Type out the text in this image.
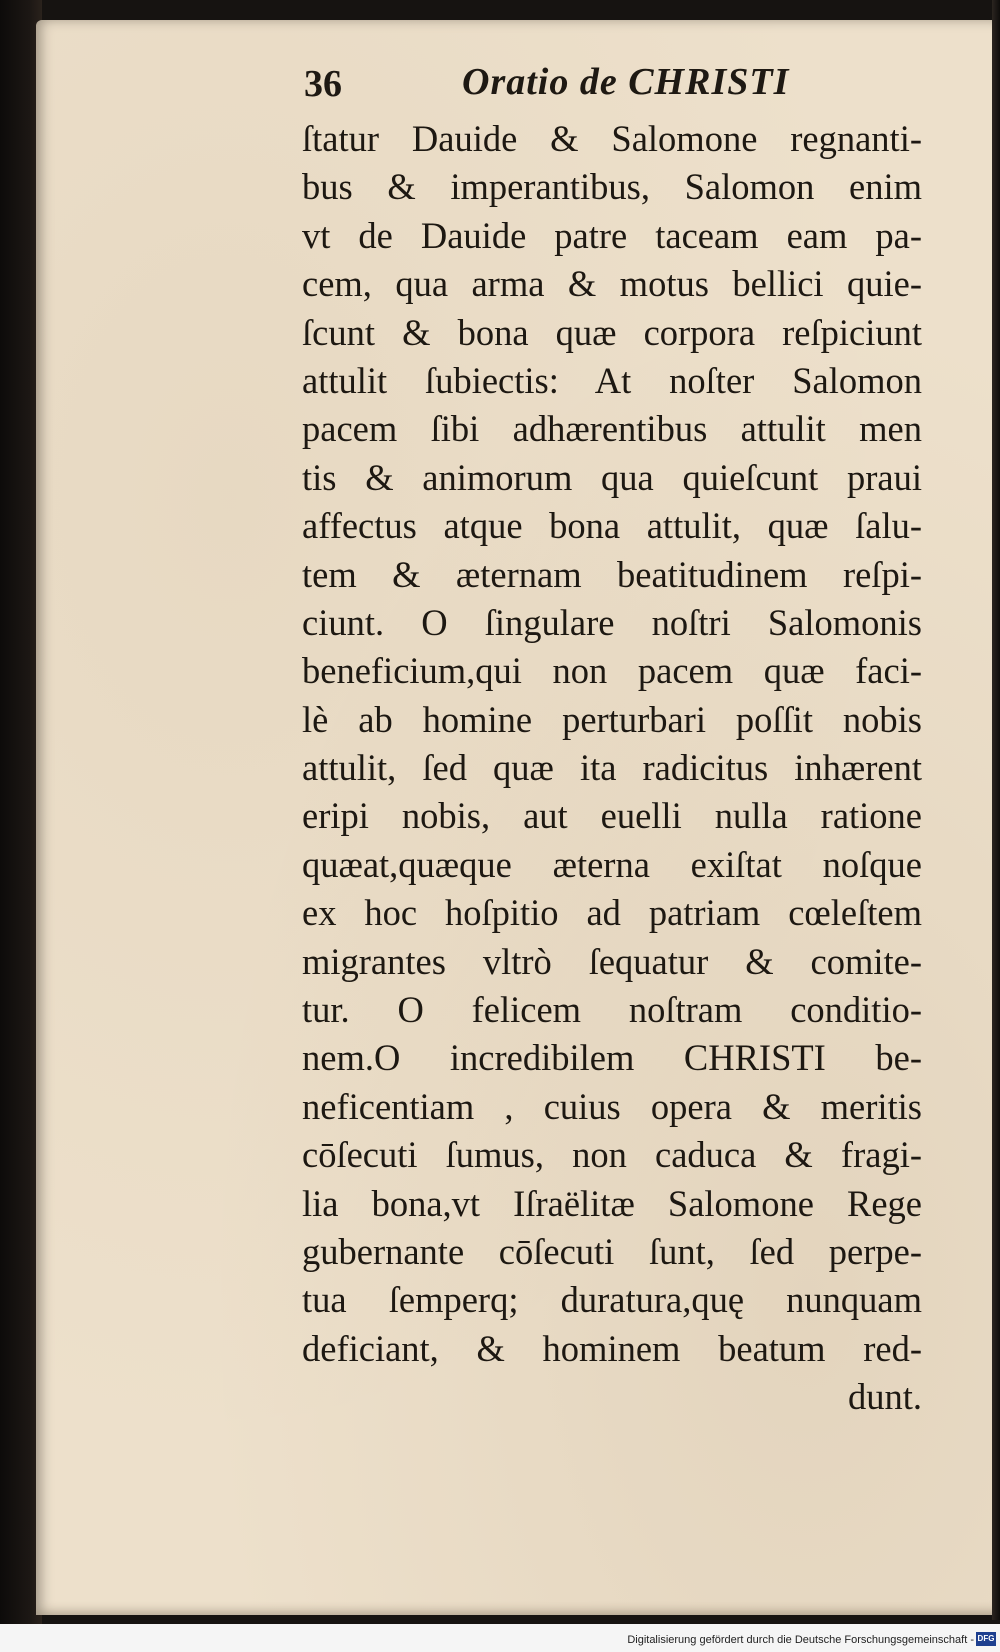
36	Oratio de CHRISTI
ſtatur Dauide & Salomone regnanti-
bus & imperantibus, Salomon enim
vt de Dauide patre taceam eam pa-
cem, qua arma & motus bellici quie-
ſcunt & bona quæ corpora reſpiciunt
attulit ſubiectis: At noſter Salomon
pacem ſibi adhærentibus attulit men
tis & animorum qua quieſcunt praui
affectus atque bona attulit, quæ ſalu-
tem & æternam beatitudinem reſpi-
ciunt. O ſingulare noſtri Salomonis
beneficium,qui non pacem quæ faci-
lè ab homine perturbari poſſit nobis
attulit, ſed quæ ita radicitus inhærent
eripi nobis, aut euelli nulla ratione
quæat,quæque æterna exiſtat noſque
ex hoc hoſpitio ad patriam cœleſtem
migrantes vltrò ſequatur & comite-
tur. O felicem noſtram conditio-
nem.O incredibilem CHRISTI be-
neficentiam , cuius opera & meritis
cōſecuti ſumus, non caduca & fragi-
lia bona,vt Iſraëlitæ Salomone Rege
gubernante cōſecuti ſunt, ſed perpe-
tua ſemperq; duratura,quę nunquam
deficiant, & hominem beatum red-
dunt.
Digitalisierung gefördert durch die Deutsche Forschungsgemeinschaft - DFG
